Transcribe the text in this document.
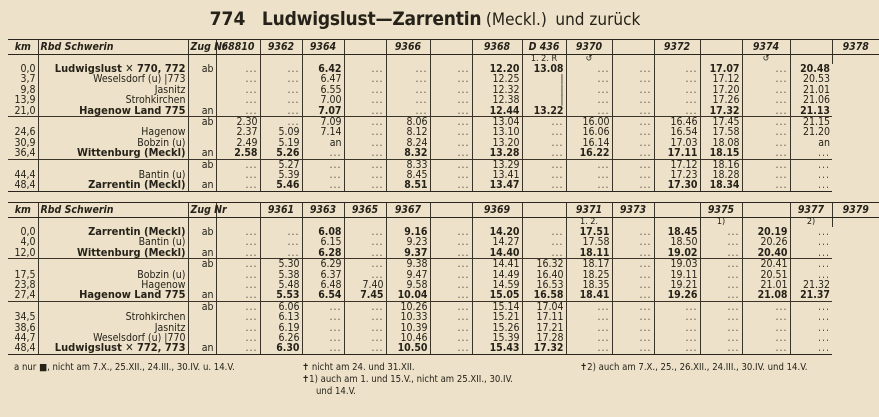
774 Ludwigslust—Zarrentin (Meckl.) und zurück
km	Rbd Schwerin	Zug Nr	68810	9362	9364		9366		9368	D 436	9370		9372		9374		9378
										1. 2. R	↺				↺		
0,0	Ludwigslust ✕ 770, 772	ab	...	...	6.42	...	...	...	12.20	13.08	...	...	...	17.07	...	20.48	
3,7	Weselsdorf (u) |773		...	...	6.47	...	...	...	12.25	|	...	...	...	17.12	...	20.53	
9,8	Jasnitz		...	...	6.55	...	...	...	12.32	|	...	...	...	17.20	...	21.01	
13,9	Strohkirchen		...	...	7.00	...	...	...	12.38	|	...	...	...	17.26	...	21.06	
21,0	Hagenow Land 775	an	...	...	7.07	...	...	...	12.44	13.22	...	...	...	17.32	...	21.13	
		ab	2.30	...	7.09	...	8.06	...	13.04	...	16.00	...	16.46	17.45	...	21.15	
24,6	Hagenow		2.37	5.09	7.14	...	8.12	...	13.10	...	16.06	...	16.54	17.58	...	21.20	
30,9	Bobzin (u)		2.49	5.19	an	...	8.24	...	13.20	...	16.14	...	17.03	18.08	...	an	
36,4	Wittenburg (Meckl)	an	2.58	5.26	...	...	8.32	...	13.28	...	16.22	...	17.11	18.15	...	...	
		ab	...	5.27	...	...	8.33	...	13.29	...	...	...	17.12	18.16	...	...	
44,4	Bantin (u)		...	5.39	...	...	8.45	...	13.41	...	...	...	17.23	18.28	...	...	
48,4	Zarrentin (Meckl)	an	...	5.46	...	...	8.51	...	13.47	...	...	...	17.30	18.34	...	...	
km	Rbd Schwerin	Zug Nr		9361	9363	9365	9367		9369		9371	9373		9375		9377	9379
											1. 2.			1)		2)	
0,0	Zarrentin (Meckl)	ab	...	...	6.08	...	9.16	...	14.20	...	17.51	...	18.45	...	20.19	...	
4,0	Bantin (u)		...	...	6.15	...	9.23	...	14.27	...	17.58	...	18.50	...	20.26	...	
12,0	Wittenburg (Meckl)	an	...	...	6.28	...	9.37	...	14.40	...	18.11	...	19.02	...	20.40	...	
		ab	...	5.30	6.29	...	9.38	...	14.41	16.32	18.17	...	19.03	...	20.41	...	
17,5	Bobzin (u)		...	5.38	6.37	...	9.47	...	14.49	16.40	18.25	...	19.11	...	20.51	...	
23,8	Hagenow		...	5.48	6.48	7.40	9.58	...	14.59	16.53	18.35	...	19.21	...	21.01	21.32	
27,4	Hagenow Land 775	an	...	5.53	6.54	7.45	10.04	...	15.05	16.58	18.41	...	19.26	...	21.08	21.37	
		ab	...	6.06	...	...	10.26	...	15.14	17.04	...	...	...	...	...	...	
34,5	Strohkirchen		...	6.13	...	...	10.33	...	15.21	17.11	...	...	...	...	...	...	
38,6	Jasnitz		...	6.19	...	...	10.39	...	15.26	17.21	...	...	...	...	...	...	
44,7	Weselsdorf (u) |770		...	6.26	...	...	10.46	...	15.39	17.28	...	...	...	...	...	...	
48,4	Ludwigslust ✕ 772, 773	an	...	6.30	...	...	10.50	...	15.43	17.32	...	...	...	...	...	...	
a nur ■, nicht am 7.X., 25.XII., 24.III., 30.IV. u. 14.V.	✝ nicht am 24. und 31.XII.	✝2) auch am 7.X., 25., 26.XII., 24.III., 30.IV. und 14.V.
✝1) auch am 1. und 15.V., nicht am 25.XII., 30.IV.
und 14.V.
